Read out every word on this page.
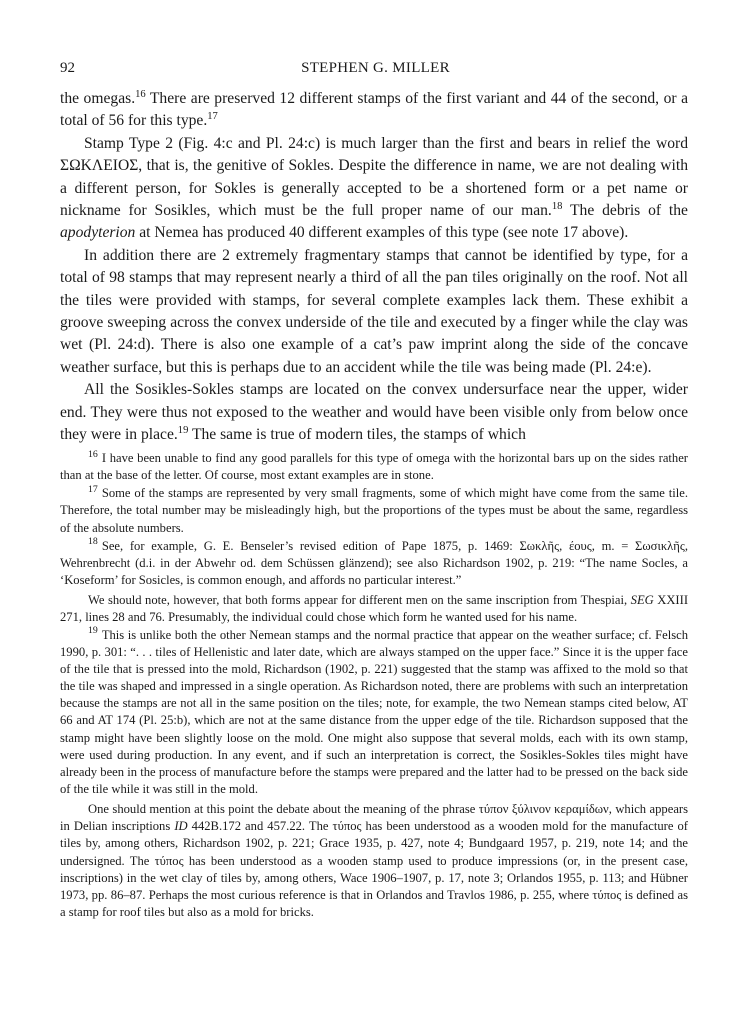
92	STEPHEN G. MILLER

the omegas.$^{16}$ There are preserved 12 different stamps of the first variant and 44 of the second, or a total of 56 for this type.$^{17}$

Stamp Type 2 (Fig. 4:c and Pl. 24:c) is much larger than the first and bears in relief the word ΣΩΚΛΕΙΟΣ, that is, the genitive of Sokles. Despite the difference in name, we are not dealing with a different person, for Sokles is generally accepted to be a shortened form or a pet name or nickname for Sosikles, which must be the full proper name of our man.$^{18}$ The debris of the apodyterion at Nemea has produced 40 different examples of this type (see note 17 above).

In addition there are 2 extremely fragmentary stamps that cannot be identified by type, for a total of 98 stamps that may represent nearly a third of all the pan tiles originally on the roof. Not all the tiles were provided with stamps, for several complete examples lack them. These exhibit a groove sweeping across the convex underside of the tile and executed by a finger while the clay was wet (Pl. 24:d). There is also one example of a cat’s paw imprint along the side of the concave weather surface, but this is perhaps due to an accident while the tile was being made (Pl. 24:e).

All the Sosikles-Sokles stamps are located on the convex undersurface near the upper, wider end. They were thus not exposed to the weather and would have been visible only from below once they were in place.$^{19}$ The same is true of modern tiles, the stamps of which

$^{16}$ I have been unable to find any good parallels for this type of omega with the horizontal bars up on the sides rather than at the base of the letter. Of course, most extant examples are in stone.

$^{17}$ Some of the stamps are represented by very small fragments, some of which might have come from the same tile. Therefore, the total number may be misleadingly high, but the proportions of the types must be about the same, regardless of the absolute numbers.

$^{18}$ See, for example, G. E. Benseler’s revised edition of Pape 1875, p. 1469: Σωκλῆς, έους, m. = Σωσικλῆς, Wehrenbrecht (d.i. in der Abwehr od. dem Schüssen glänzend); see also Richardson 1902, p. 219: “The name Socles, a ‘Koseform’ for Sosicles, is common enough, and affords no particular interest.”

We should note, however, that both forms appear for different men on the same inscription from Thespiai, SEG XXIII 271, lines 28 and 76. Presumably, the individual could chose which form he wanted used for his name.

$^{19}$ This is unlike both the other Nemean stamps and the normal practice that appear on the weather surface; cf. Felsch 1990, p. 301: “. . . tiles of Hellenistic and later date, which are always stamped on the upper face.” Since it is the upper face of the tile that is pressed into the mold, Richardson (1902, p. 221) suggested that the stamp was affixed to the mold so that the tile was shaped and impressed in a single operation. As Richardson noted, there are problems with such an interpretation because the stamps are not all in the same position on the tiles; note, for example, the two Nemean stamps cited below, AT 66 and AT 174 (Pl. 25:b), which are not at the same distance from the upper edge of the tile. Richardson supposed that the stamp might have been slightly loose on the mold. One might also suppose that several molds, each with its own stamp, were used during production. In any event, and if such an interpretation is correct, the Sosikles-Sokles tiles might have already been in the process of manufacture before the stamps were prepared and the latter had to be pressed on the back side of the tile while it was still in the mold.

One should mention at this point the debate about the meaning of the phrase τύπον ξύλινον κεραμίδων, which appears in Delian inscriptions ID 442B.172 and 457.22. The τύπος has been understood as a wooden mold for the manufacture of tiles by, among others, Richardson 1902, p. 221; Grace 1935, p. 427, note 4; Bundgaard 1957, p. 219, note 14; and the undersigned. The τύπος has been understood as a wooden stamp used to produce impressions (or, in the present case, inscriptions) in the wet clay of tiles by, among others, Wace 1906–1907, p. 17, note 3; Orlandos 1955, p. 113; and Hübner 1973, pp. 86–87. Perhaps the most curious reference is that in Orlandos and Travlos 1986, p. 255, where τύπος is defined as a stamp for roof tiles but also as a mold for bricks.
